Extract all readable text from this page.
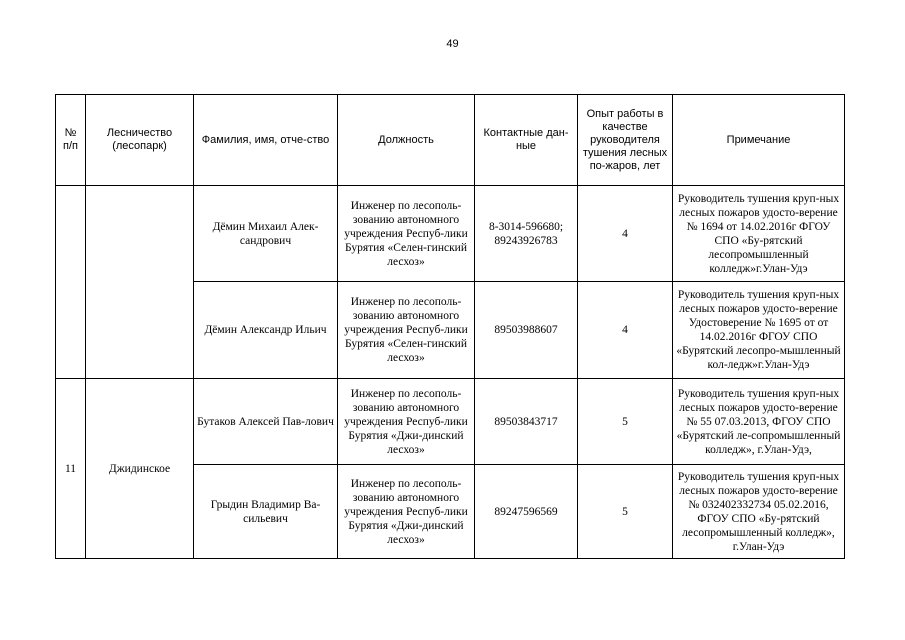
49
№ п/п	Лесничество (лесопарк)	Фамилия, имя, отче-ство	Должность	Контактные дан-ные	Опыт работы в качестве руководителя тушения лесных по-жаров, лет	Примечание
		Дёмин Михаил Алек-сандрович	Инженер по лесополь-зованию автономного учреждения Респуб-лики Бурятия «Селен-гинский лесхоз»	8-3014-596680; 89243926783	4	Руководитель тушения круп-ных лесных пожаров удосто-верение № 1694 от 14.02.2016г ФГОУ СПО «Бу-рятский лесопромышленный колледж»г.Улан-Удэ
		Дёмин Александр Ильич	Инженер по лесополь-зованию автономного учреждения Респуб-лики Бурятия «Селен-гинский лесхоз»	89503988607	4	Руководитель тушения круп-ных лесных пожаров удосто-верение Удостоверение № 1695 от от 14.02.2016г ФГОУ СПО «Бурятский лесопро-мышленный кол-ледж»г.Улан-Удэ
11	Джидинское	Бутаков Алексей Пав-лович	Инженер по лесополь-зованию автономного учреждения Респуб-лики Бурятия «Джи-динский лесхоз»	89503843717	5	Руководитель тушения круп-ных лесных пожаров удосто-верение № 55 07.03.2013, ФГОУ СПО «Бурятский ле-сопромышленный колледж», г.Улан-Удэ,
		Грыдин Владимир Ва-сильевич	Инженер по лесополь-зованию автономного учреждения Респуб-лики Бурятия «Джи-динский лесхоз»	89247596569	5	Руководитель тушения круп-ных лесных пожаров удосто-верение № 032402332734 05.02.2016, ФГОУ СПО «Бу-рятский лесопромышленный колледж», г.Улан-Удэ
